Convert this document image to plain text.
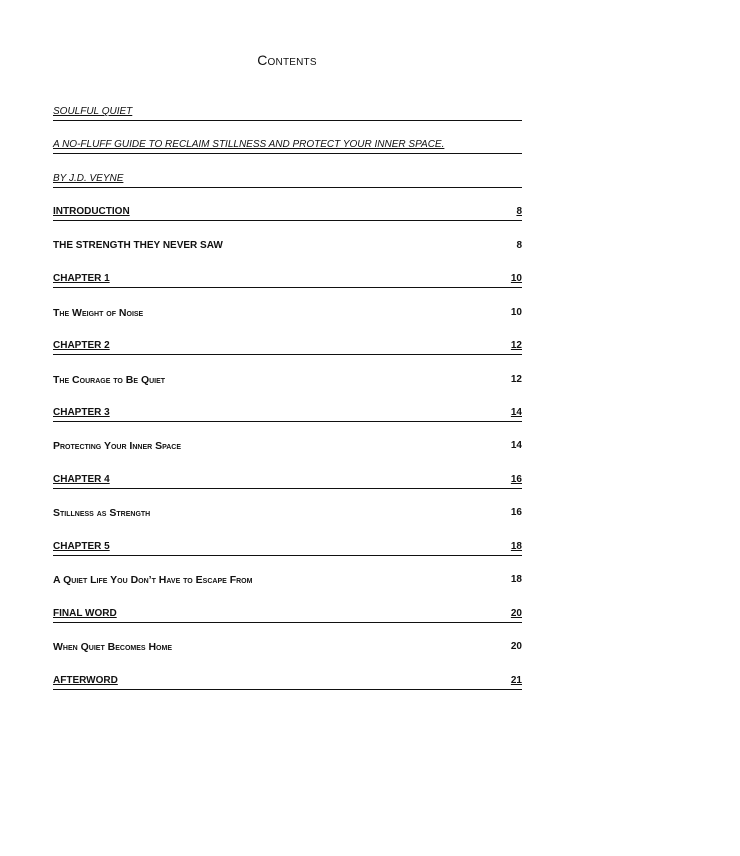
Contents
SOULFUL QUIET
A NO-FLUFF GUIDE TO RECLAIM STILLNESS AND PROTECT YOUR INNER SPACE.
BY J.D. VEYNE
INTRODUCTION	8
THE STRENGTH THEY NEVER SAW	8
CHAPTER 1	10
The Weight of Noise	10
CHAPTER 2	12
The Courage to Be Quiet	12
CHAPTER 3	14
Protecting Your Inner Space	14
CHAPTER 4	16
Stillness as Strength	16
CHAPTER 5	18
A Quiet Life You Don’t Have to Escape From	18
FINAL WORD	20
When Quiet Becomes Home	20
AFTERWORD	21
